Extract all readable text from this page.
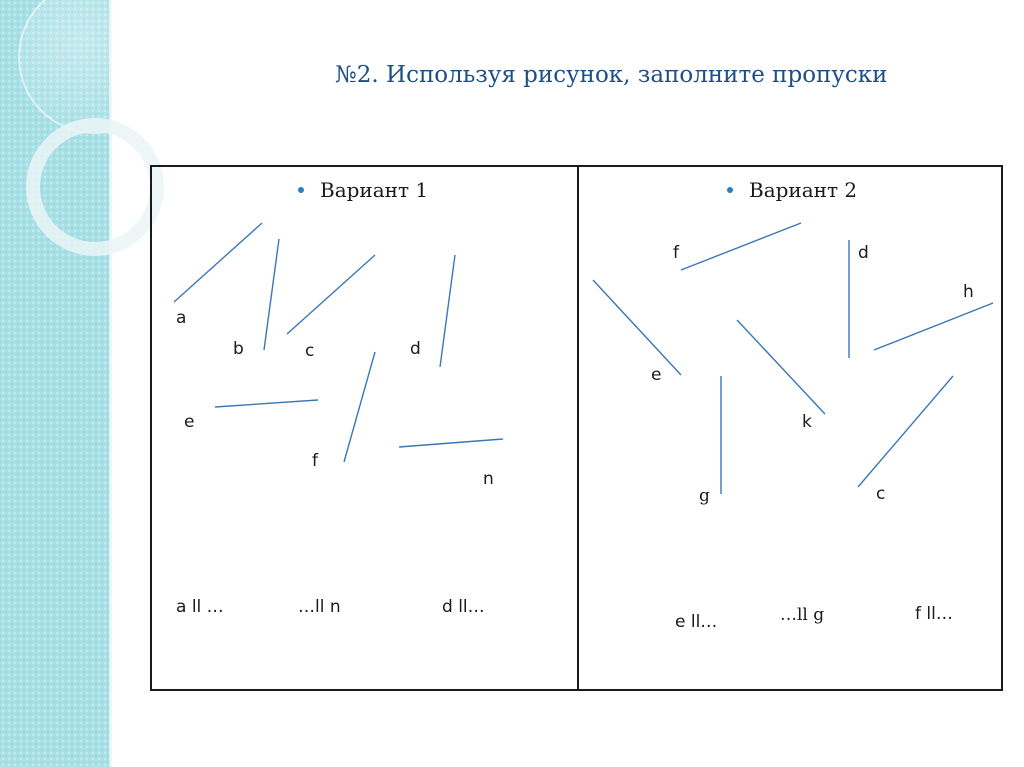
№2. Используя рисунок, заполните пропуски
Вариант 1	Вариант 2
a
b	c	d
e
f
n
a ll …	…ll n	d ll…
f	d
h
e
k
g	c
e ll…	…ll g	f ll…
